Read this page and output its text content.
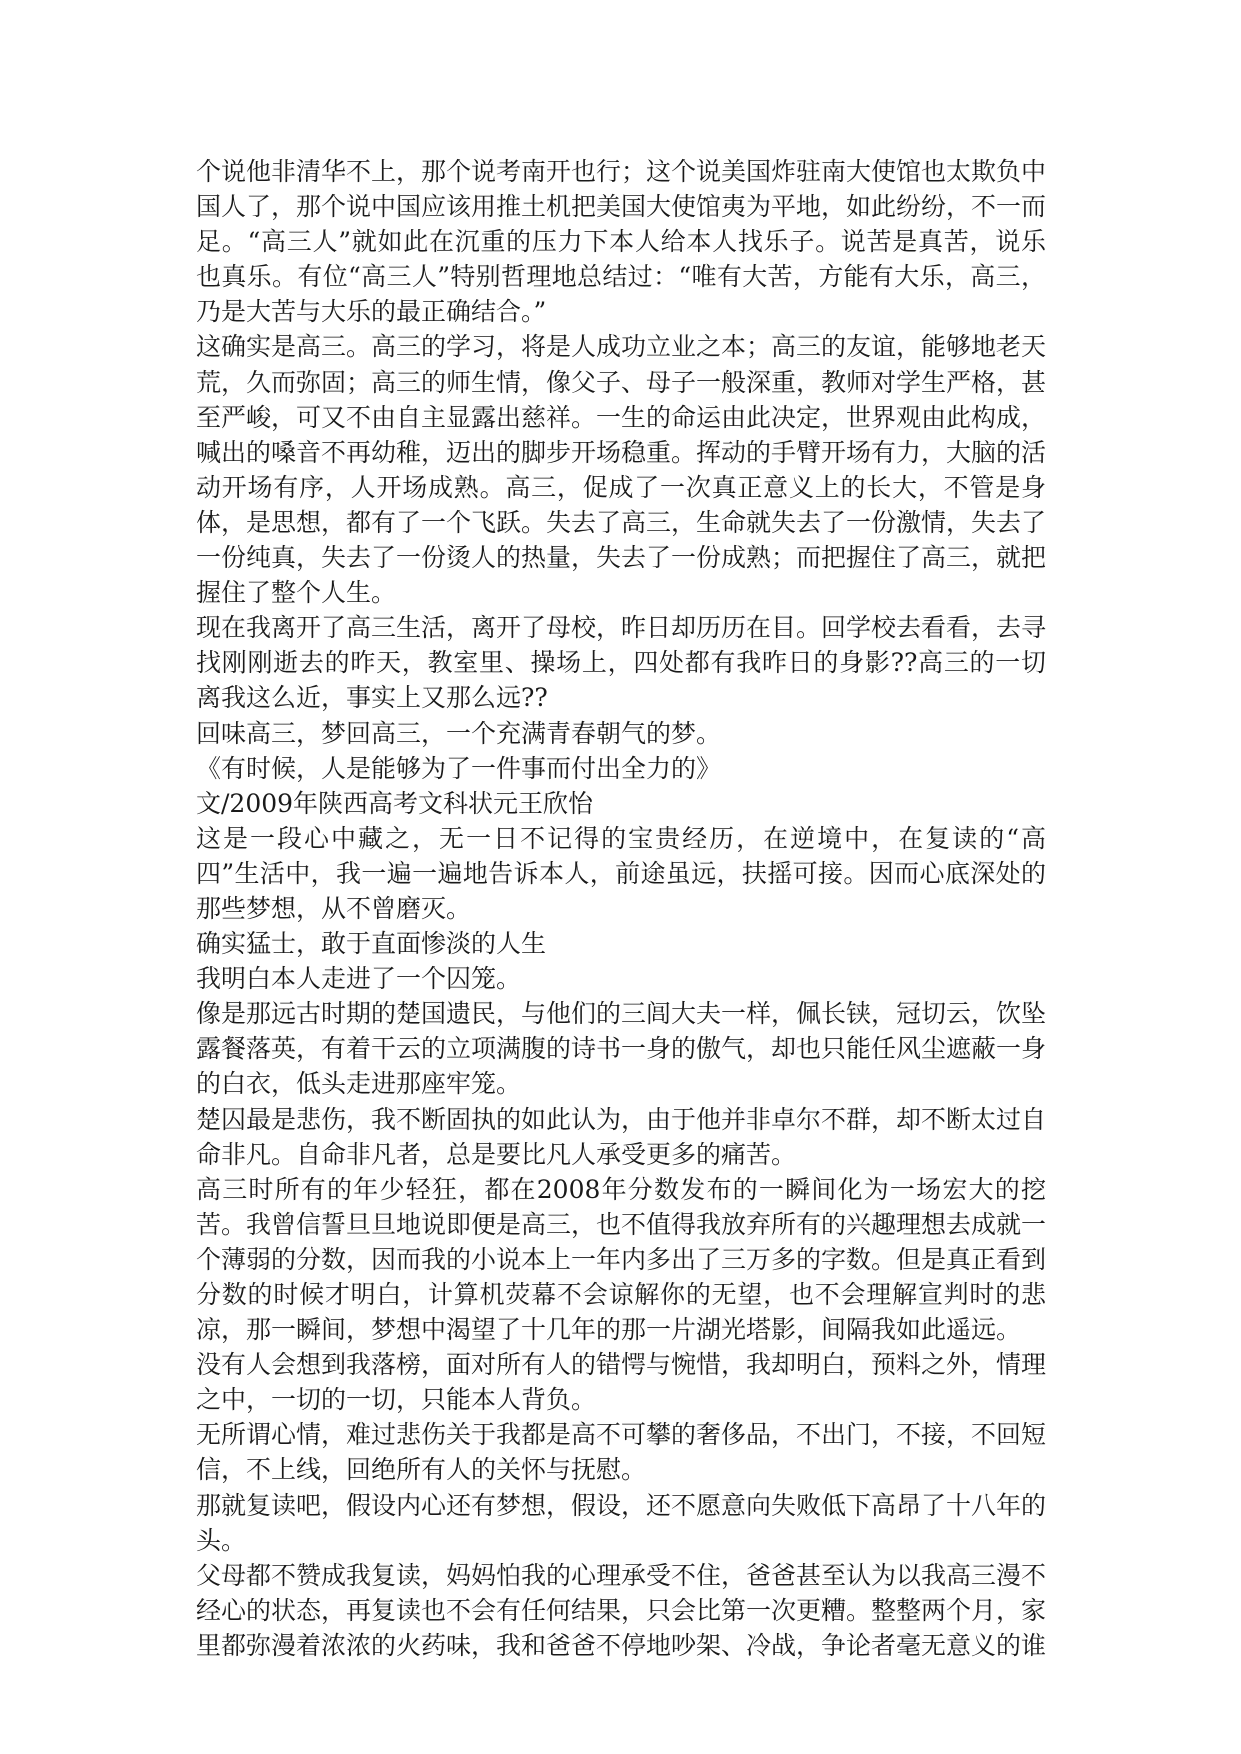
个说他非清华不上，那个说考南开也行；这个说美国炸驻南大使馆也太欺负中国人了，那个说中国应该用推土机把美国大使馆夷为平地，如此纷纷，不一而足。“高三人”就如此在沉重的压力下本人给本人找乐子。说苦是真苦，说乐也真乐。有位“高三人”特别哲理地总结过：“唯有大苦，方能有大乐，高三，乃是大苦与大乐的最正确结合。”

这确实是高三。高三的学习，将是人成功立业之本；高三的友谊，能够地老天荒，久而弥固；高三的师生情，像父子、母子一般深重，教师对学生严格，甚至严峻，可又不由自主显露出慈祥。一生的命运由此决定，世界观由此构成，喊出的嗓音不再幼稚，迈出的脚步开场稳重。挥动的手臂开场有力，大脑的活动开场有序，人开场成熟。高三，促成了一次真正意义上的长大，不管是身体，是思想，都有了一个飞跃。失去了高三，生命就失去了一份激情，失去了一份纯真，失去了一份烫人的热量，失去了一份成熟；而把握住了高三，就把握住了整个人生。

现在我离开了高三生活，离开了母校，昨日却历历在目。回学校去看看，去寻找刚刚逝去的昨天，教室里、操场上，四处都有我昨日的身影??高三的一切离我这么近，事实上又那么远??

回味高三，梦回高三，一个充满青春朝气的梦。

《有时候，人是能够为了一件事而付出全力的》

文/2009年陕西高考文科状元王欣怡

这是一段心中藏之，无一日不记得的宝贵经历，在逆境中，在复读的“高四”生活中，我一遍一遍地告诉本人，前途虽远，扶摇可接。因而心底深处的那些梦想，从不曾磨灭。

确实猛士，敢于直面惨淡的人生

我明白本人走进了一个囚笼。

像是那远古时期的楚国遗民，与他们的三闾大夫一样，佩长铗，冠切云，饮坠露餐落英，有着干云的立项满腹的诗书一身的傲气，却也只能任风尘遮蔽一身的白衣，低头走进那座牢笼。

楚囚最是悲伤，我不断固执的如此认为，由于他并非卓尔不群，却不断太过自命非凡。自命非凡者，总是要比凡人承受更多的痛苦。

高三时所有的年少轻狂，都在2008年分数发布的一瞬间化为一场宏大的挖苦。我曾信誓旦旦地说即便是高三，也不值得我放弃所有的兴趣理想去成就一个薄弱的分数，因而我的小说本上一年内多出了三万多的字数。但是真正看到分数的时候才明白，计算机荧幕不会谅解你的无望，也不会理解宣判时的悲凉，那一瞬间，梦想中渴望了十几年的那一片湖光塔影，间隔我如此遥远。

没有人会想到我落榜，面对所有人的错愕与惋惜，我却明白，预料之外，情理之中，一切的一切，只能本人背负。

无所谓心情，难过悲伤关于我都是高不可攀的奢侈品，不出门，不接，不回短信，不上线，回绝所有人的关怀与抚慰。

那就复读吧，假设内心还有梦想，假设，还不愿意向失败低下高昂了十八年的头。

父母都不赞成我复读，妈妈怕我的心理承受不住，爸爸甚至认为以我高三漫不经心的状态，再复读也不会有任何结果，只会比第一次更糟。整整两个月，家里都弥漫着浓浓的火药味，我和爸爸不停地吵架、冷战，争论者毫无意义的谁
